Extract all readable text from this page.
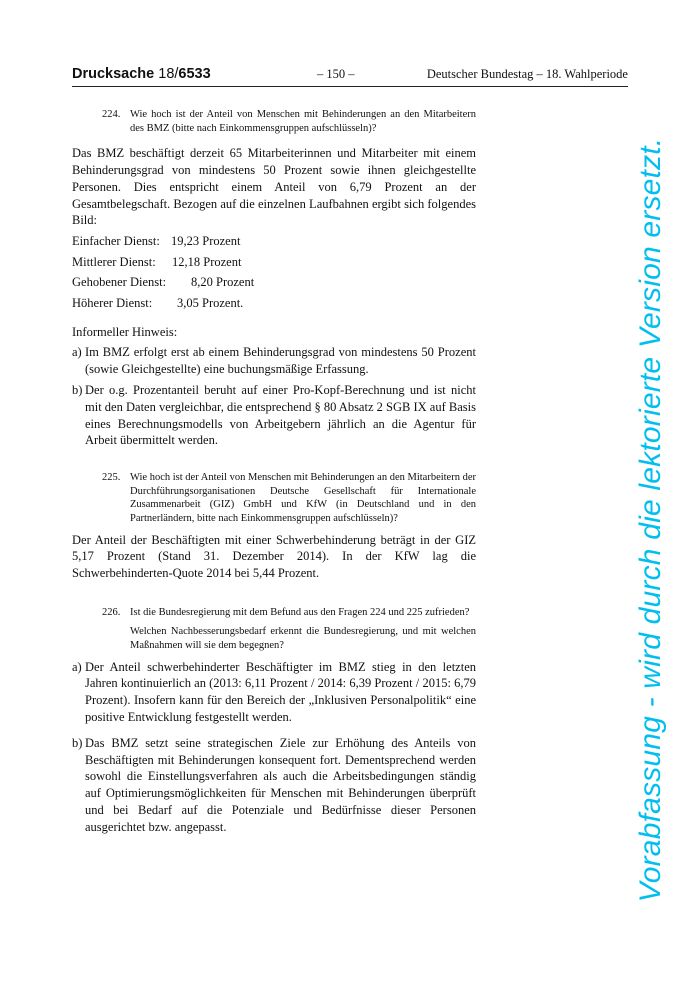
Drucksache 18/6533	– 150 –	Deutscher Bundestag – 18. Wahlperiode
224. Wie hoch ist der Anteil von Menschen mit Behinderungen an den Mitarbeitern des BMZ (bitte nach Einkommensgruppen aufschlüsseln)?

Das BMZ beschäftigt derzeit 65 Mitarbeiterinnen und Mitarbeiter mit einem Behinderungsgrad von mindestens 50 Prozent sowie ihnen gleichgestellte Personen. Dies entspricht einem Anteil von 6,79 Prozent an der Gesamtbelegschaft. Bezogen auf die einzelnen Laufbahnen ergibt sich folgendes Bild:

Einfacher Dienst: 19,23 Prozent
Mittlerer Dienst: 12,18 Prozent
Gehobener Dienst: 8,20 Prozent
Höherer Dienst: 3,05 Prozent.

Informeller Hinweis:

a) Im BMZ erfolgt erst ab einem Behinderungsgrad von mindestens 50 Prozent (sowie Gleichgestellte) eine buchungsmäßige Erfassung.

b) Der o.g. Prozentanteil beruht auf einer Pro-Kopf-Berechnung und ist nicht mit den Daten vergleichbar, die entsprechend § 80 Absatz 2 SGB IX auf Basis eines Berechnungsmodells von Arbeitgebern jährlich an die Agentur für Arbeit übermittelt werden.

225. Wie hoch ist der Anteil von Menschen mit Behinderungen an den Mitarbeitern der Durchführungsorganisationen Deutsche Gesellschaft für Internationale Zusammenarbeit (GIZ) GmbH und KfW (in Deutschland und in den Partnerländern, bitte nach Einkommensgruppen aufschlüsseln)?

Der Anteil der Beschäftigten mit einer Schwerbehinderung beträgt in der GIZ 5,17 Prozent (Stand 31. Dezember 2014). In der KfW lag die Schwerbehinderten-Quote 2014 bei 5,44 Prozent.

226. Ist die Bundesregierung mit dem Befund aus den Fragen 224 und 225 zufrieden?

Welchen Nachbesserungsbedarf erkennt die Bundesregierung, und mit welchen Maßnahmen will sie dem begegnen?

a) Der Anteil schwerbehinderter Beschäftigter im BMZ stieg in den letzten Jahren kontinuierlich an (2013: 6,11 Prozent / 2014: 6,39 Prozent / 2015: 6,79 Prozent). Insofern kann für den Bereich der „Inklusiven Personalpolitik“ eine positive Entwicklung festgestellt werden.

b) Das BMZ setzt seine strategischen Ziele zur Erhöhung des Anteils von Beschäftigten mit Behinderungen konsequent fort. Dementsprechend werden sowohl die Einstellungsverfahren als auch die Arbeitsbedingungen ständig auf Optimierungsmöglichkeiten für Menschen mit Behinderungen überprüft und bei Bedarf auf die Potenziale und Bedürfnisse dieser Personen ausgerichtet bzw. angepasst.	Vorabfassung - wird durch die lektorierte Version ersetzt.
